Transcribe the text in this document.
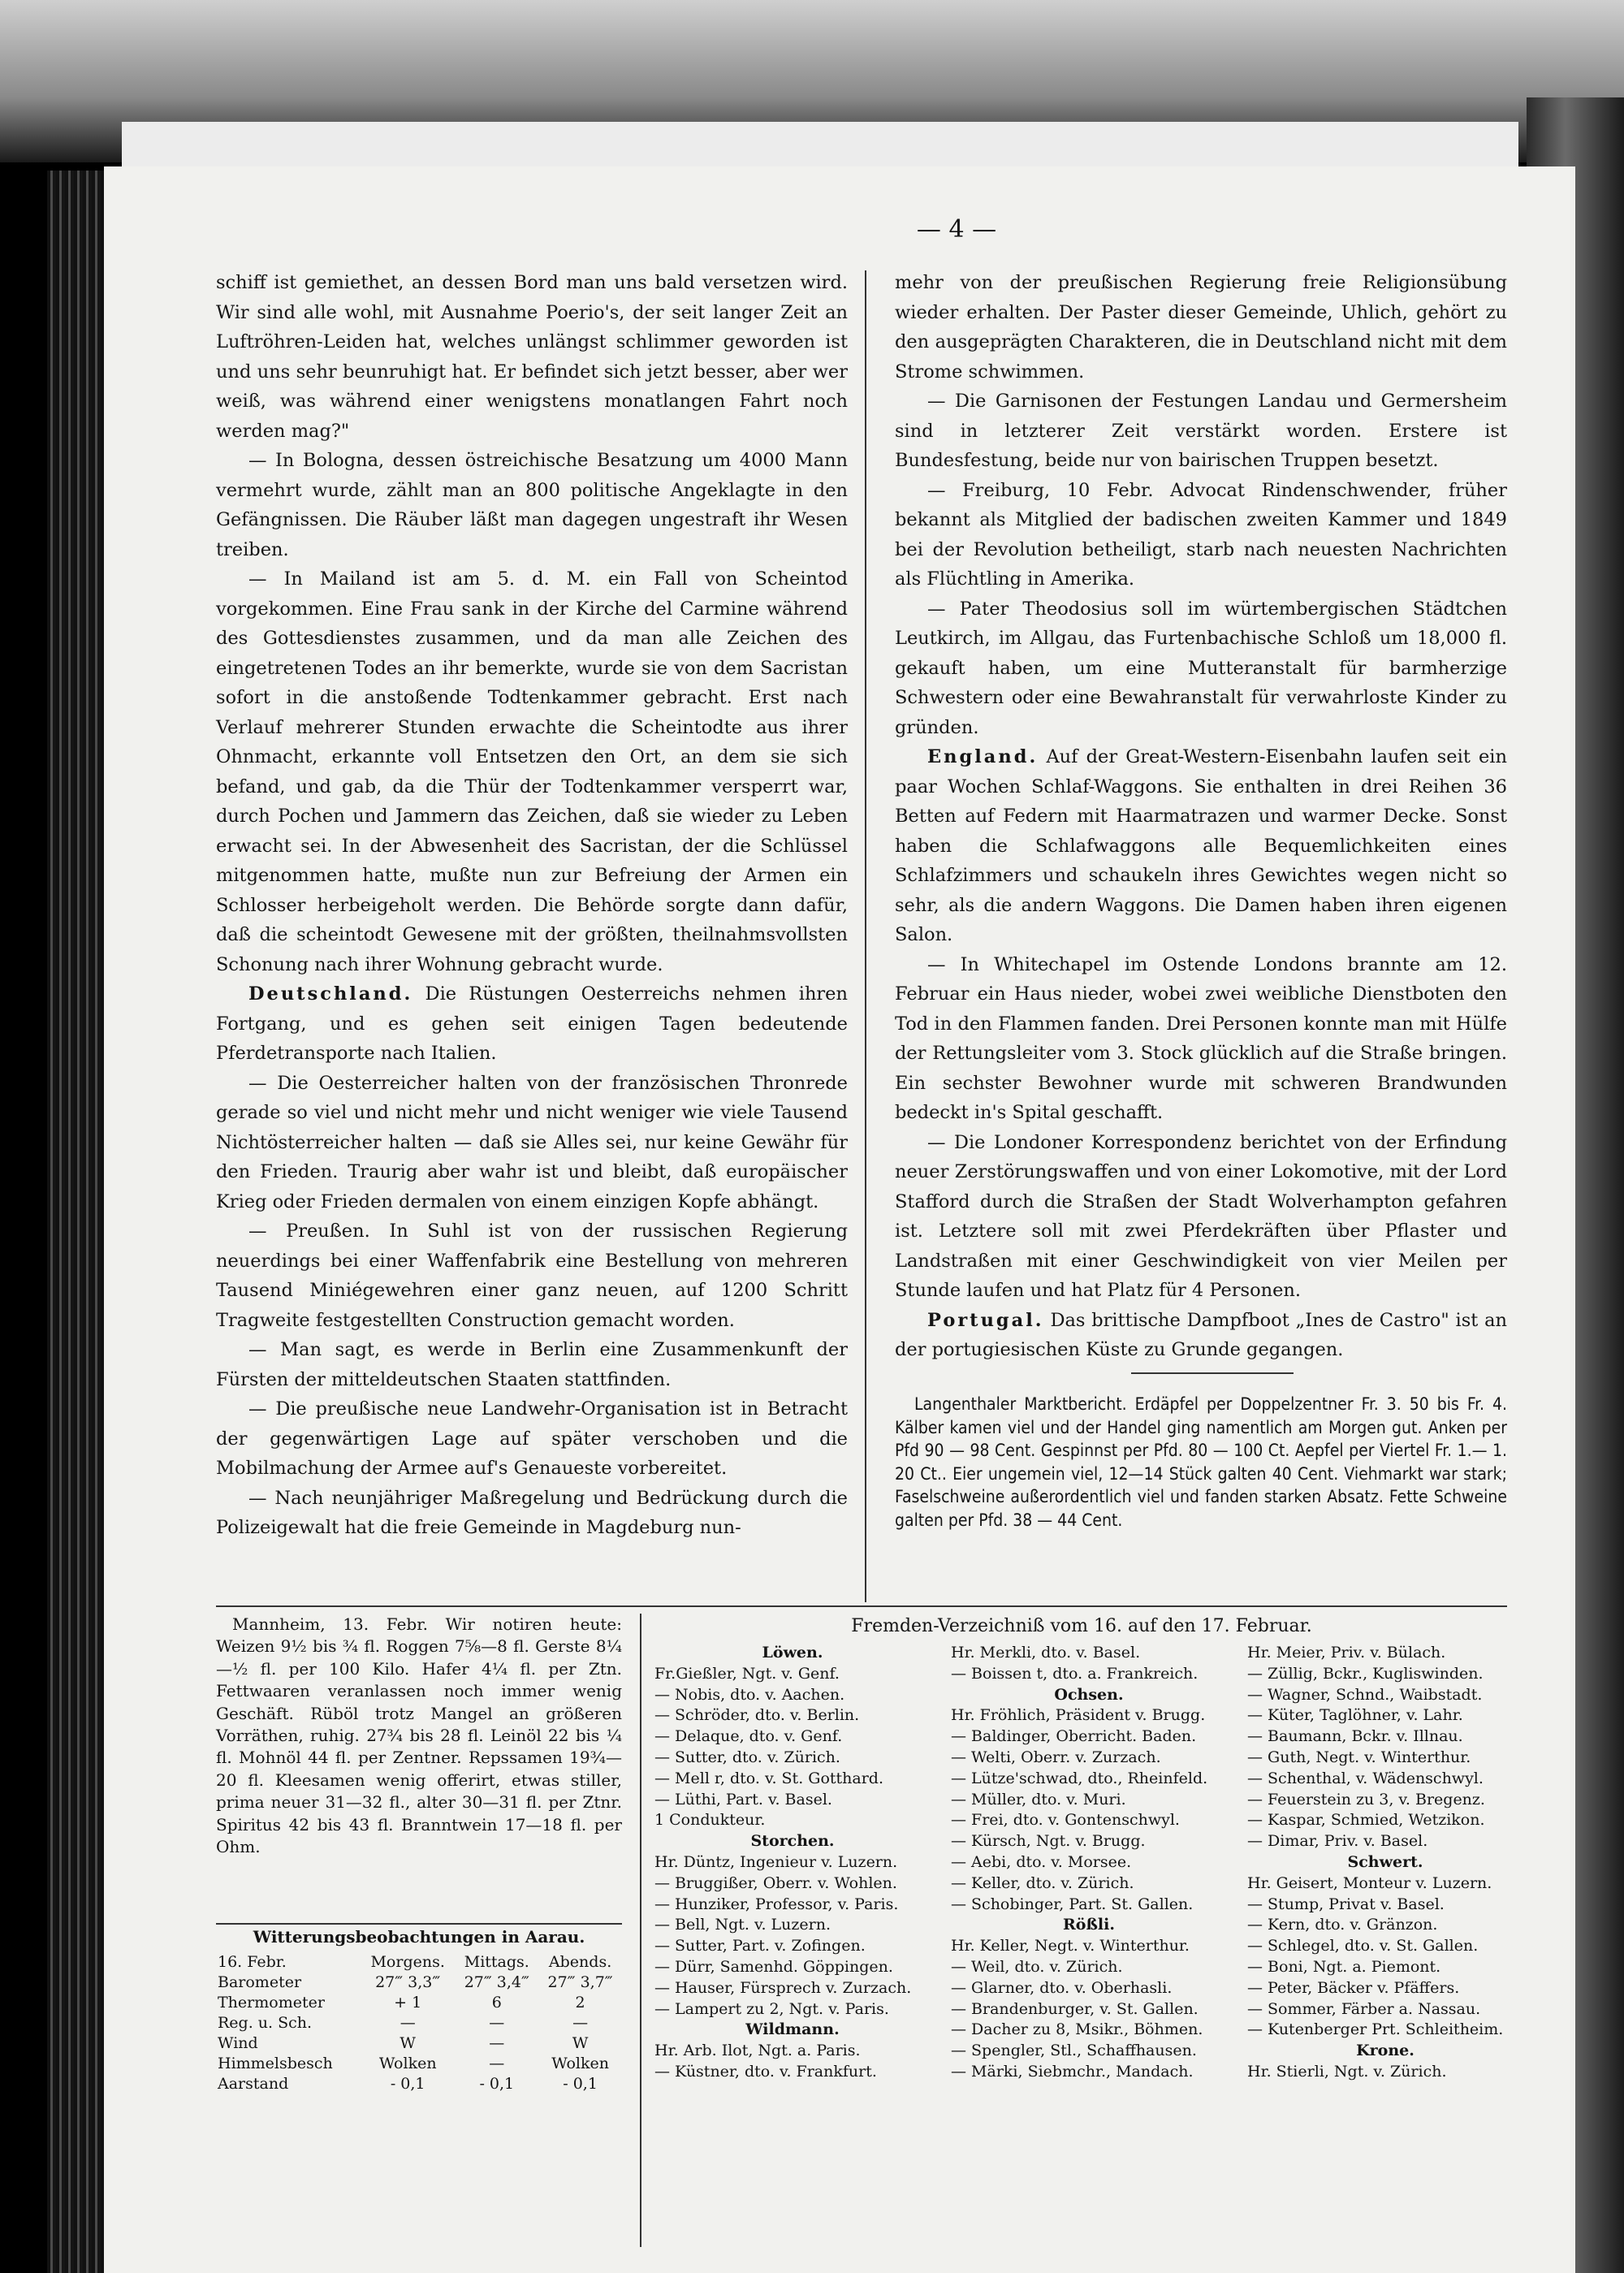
— 4 —

schiff ist gemiethet, an dessen Bord man uns bald versetzen wird. Wir sind alle wohl, mit Ausnahme Poerio's, der seit langer Zeit an Luftröhren-Leiden hat, welches unlängst schlimmer geworden ist und uns sehr beunruhigt hat. Er befindet sich jetzt besser, aber wer weiß, was während einer wenigstens monatlangen Fahrt noch werden mag?"

— In Bologna, dessen östreichische Besatzung um 4000 Mann vermehrt wurde, zählt man an 800 politische Angeklagte in den Gefängnissen. Die Räuber läßt man dagegen ungestraft ihr Wesen treiben.

— In Mailand ist am 5. d. M. ein Fall von Scheintod vorgekommen. Eine Frau sank in der Kirche del Carmine während des Gottesdienstes zusammen, und da man alle Zeichen des eingetretenen Todes an ihr bemerkte, wurde sie von dem Sacristan sofort in die anstoßende Todtenkammer gebracht. Erst nach Verlauf mehrerer Stunden erwachte die Scheintodte aus ihrer Ohnmacht, erkannte voll Entsetzen den Ort, an dem sie sich befand, und gab, da die Thür der Todtenkammer versperrt war, durch Pochen und Jammern das Zeichen, daß sie wieder zu Leben erwacht sei. In der Abwesenheit des Sacristan, der die Schlüssel mitgenommen hatte, mußte nun zur Befreiung der Armen ein Schlosser herbeigeholt werden. Die Behörde sorgte dann dafür, daß die scheintodt Gewesene mit der größten, theilnahmsvollsten Schonung nach ihrer Wohnung gebracht wurde.

Deutschland. Die Rüstungen Oesterreichs nehmen ihren Fortgang, und es gehen seit einigen Tagen bedeutende Pferdetransporte nach Italien.

— Die Oesterreicher halten von der französischen Thronrede gerade so viel und nicht mehr und nicht weniger wie viele Tausend Nichtösterreicher halten — daß sie Alles sei, nur keine Gewähr für den Frieden. Traurig aber wahr ist und bleibt, daß europäischer Krieg oder Frieden dermalen von einem einzigen Kopfe abhängt.

— Preußen. In Suhl ist von der russischen Regierung neuerdings bei einer Waffenfabrik eine Bestellung von mehreren Tausend Miniégewehren einer ganz neuen, auf 1200 Schritt Tragweite festgestellten Construction gemacht worden.

— Man sagt, es werde in Berlin eine Zusammenkunft der Fürsten der mitteldeutschen Staaten stattfinden.

— Die preußische neue Landwehr-Organisation ist in Betracht der gegenwärtigen Lage auf später verschoben und die Mobilmachung der Armee auf's Genaueste vorbereitet.

— Nach neunjähriger Maßregelung und Bedrückung durch die Polizeigewalt hat die freie Gemeinde in Magdeburg nun-

mehr von der preußischen Regierung freie Religionsübung wieder erhalten. Der Paster dieser Gemeinde, Uhlich, gehört zu den ausgeprägten Charakteren, die in Deutschland nicht mit dem Strome schwimmen.

— Die Garnisonen der Festungen Landau und Germersheim sind in letzterer Zeit verstärkt worden. Erstere ist Bundesfestung, beide nur von bairischen Truppen besetzt.

— Freiburg, 10 Febr. Advocat Rindenschwender, früher bekannt als Mitglied der badischen zweiten Kammer und 1849 bei der Revolution betheiligt, starb nach neuesten Nachrichten als Flüchtling in Amerika.

— Pater Theodosius soll im würtembergischen Städtchen Leutkirch, im Allgau, das Furtenbachische Schloß um 18,000 fl. gekauft haben, um eine Mutteranstalt für barmherzige Schwestern oder eine Bewahranstalt für verwahrloste Kinder zu gründen.

England. Auf der Great-Western-Eisenbahn laufen seit ein paar Wochen Schlaf-Waggons. Sie enthalten in drei Reihen 36 Betten auf Federn mit Haarmatrazen und warmer Decke. Sonst haben die Schlafwaggons alle Bequemlichkeiten eines Schlafzimmers und schaukeln ihres Gewichtes wegen nicht so sehr, als die andern Waggons. Die Damen haben ihren eigenen Salon.

— In Whitechapel im Ostende Londons brannte am 12. Februar ein Haus nieder, wobei zwei weibliche Dienstboten den Tod in den Flammen fanden. Drei Personen konnte man mit Hülfe der Rettungsleiter vom 3. Stock glücklich auf die Straße bringen. Ein sechster Bewohner wurde mit schweren Brandwunden bedeckt in's Spital geschafft.

— Die Londoner Korrespondenz berichtet von der Erfindung neuer Zerstörungswaffen und von einer Lokomotive, mit der Lord Stafford durch die Straßen der Stadt Wolverhampton gefahren ist. Letztere soll mit zwei Pferdekräften über Pflaster und Landstraßen mit einer Geschwindigkeit von vier Meilen per Stunde laufen und hat Platz für 4 Personen.

Portugal. Das brittische Dampfboot „Ines de Castro" ist an der portugiesischen Küste zu Grunde gegangen.

Langenthaler Marktbericht. Erdäpfel per Doppelzentner Fr. 3. 50 bis Fr. 4. Kälber kamen viel und der Handel ging namentlich am Morgen gut. Anken per Pfd 90 — 98 Cent. Gespinnst per Pfd. 80 — 100 Ct. Aepfel per Viertel Fr. 1.— 1. 20 Ct.. Eier ungemein viel, 12—14 Stück galten 40 Cent. Viehmarkt war stark; Faselschweine außerordentlich viel und fanden starken Absatz. Fette Schweine galten per Pfd. 38 — 44 Cent.

Mannheim, 13. Febr. Wir notiren heute: Weizen 9½ bis ¾ fl. Roggen 7⅝—8 fl. Gerste 8¼—½ fl. per 100 Kilo. Hafer 4¼ fl. per Ztn. Fettwaaren veranlassen noch immer wenig Geschäft. Rüböl trotz Mangel an größeren Vorräthen, ruhig. 27¾ bis 28 fl. Leinöl 22 bis ¼ fl. Mohnöl 44 fl. per Zentner. Repssamen 19¾—20 fl. Kleesamen wenig offerirt, etwas stiller, prima neuer 31—32 fl., alter 30—31 fl. per Ztnr. Spiritus 42 bis 43 fl. Branntwein 17—18 fl. per Ohm.

Witterungsbeobachtungen in Aarau.
16. Febr.	Morgens.	Mittags.	Abends.
Barometer	27‴ 3,3‴	27‴ 3,4‴	27‴ 3,7‴
Thermometer	+ 1	6	2
Reg. u. Sch.	—	—	—
Wind	W	—	W
Himmelsbesch	Wolken	—	Wolken
Aarstand	- 0,1	- 0,1	- 0,1
Fremden-Verzeichniß vom 16. auf den 17. Februar.
Löwen.
Fr.Gießler, Ngt. v. Genf.
— Nobis, dto. v. Aachen.
— Schröder, dto. v. Berlin.
— Delaque, dto. v. Genf.
— Sutter, dto. v. Zürich.
— Mell r, dto. v. St. Gotthard.
— Lüthi, Part. v. Basel.
1 Condukteur.
Storchen.
Hr. Düntz, Ingenieur v. Luzern.
— Bruggißer, Oberr. v. Wohlen.
— Hunziker, Professor, v. Paris.
— Bell, Ngt. v. Luzern.
— Sutter, Part. v. Zofingen.
— Dürr, Samenhd. Göppingen.
— Hauser, Fürsprech v. Zurzach.
— Lampert zu 2, Ngt. v. Paris.
Wildmann.
Hr. Arb. Ilot, Ngt. a. Paris.
— Küstner, dto. v. Frankfurt.
Hr. Merkli, dto. v. Basel.
— Boissen t, dto. a. Frankreich.
Ochsen.
Hr. Fröhlich, Präsident v. Brugg.
— Baldinger, Oberricht. Baden.
— Welti, Oberr. v. Zurzach.
— Lütze'schwad, dto., Rheinfeld.
— Müller, dto. v. Muri.
— Frei, dto. v. Gontenschwyl.
— Kürsch, Ngt. v. Brugg.
— Aebi, dto. v. Morsee.
— Keller, dto. v. Zürich.
— Schobinger, Part. St. Gallen.
Rößli.
Hr. Keller, Negt. v. Winterthur.
— Weil, dto. v. Zürich.
— Glarner, dto. v. Oberhasli.
— Brandenburger, v. St. Gallen.
— Dacher zu 8, Msikr., Böhmen.
— Spengler, Stl., Schaffhausen.
— Märki, Siebmchr., Mandach.
Hr. Meier, Priv. v. Bülach.
— Züllig, Bckr., Kugliswinden.
— Wagner, Schnd., Waibstadt.
— Küter, Taglöhner, v. Lahr.
— Baumann, Bckr. v. Illnau.
— Guth, Negt. v. Winterthur.
— Schenthal, v. Wädenschwyl.
— Feuerstein zu 3, v. Bregenz.
— Kaspar, Schmied, Wetzikon.
— Dimar, Priv. v. Basel.
Schwert.
Hr. Geisert, Monteur v. Luzern.
— Stump, Privat v. Basel.
— Kern, dto. v. Gränzon.
— Schlegel, dto. v. St. Gallen.
— Boni, Ngt. a. Piemont.
— Peter, Bäcker v. Pfäffers.
— Sommer, Färber a. Nassau.
— Kutenberger Prt. Schleitheim.
Krone.
Hr. Stierli, Ngt. v. Zürich.
